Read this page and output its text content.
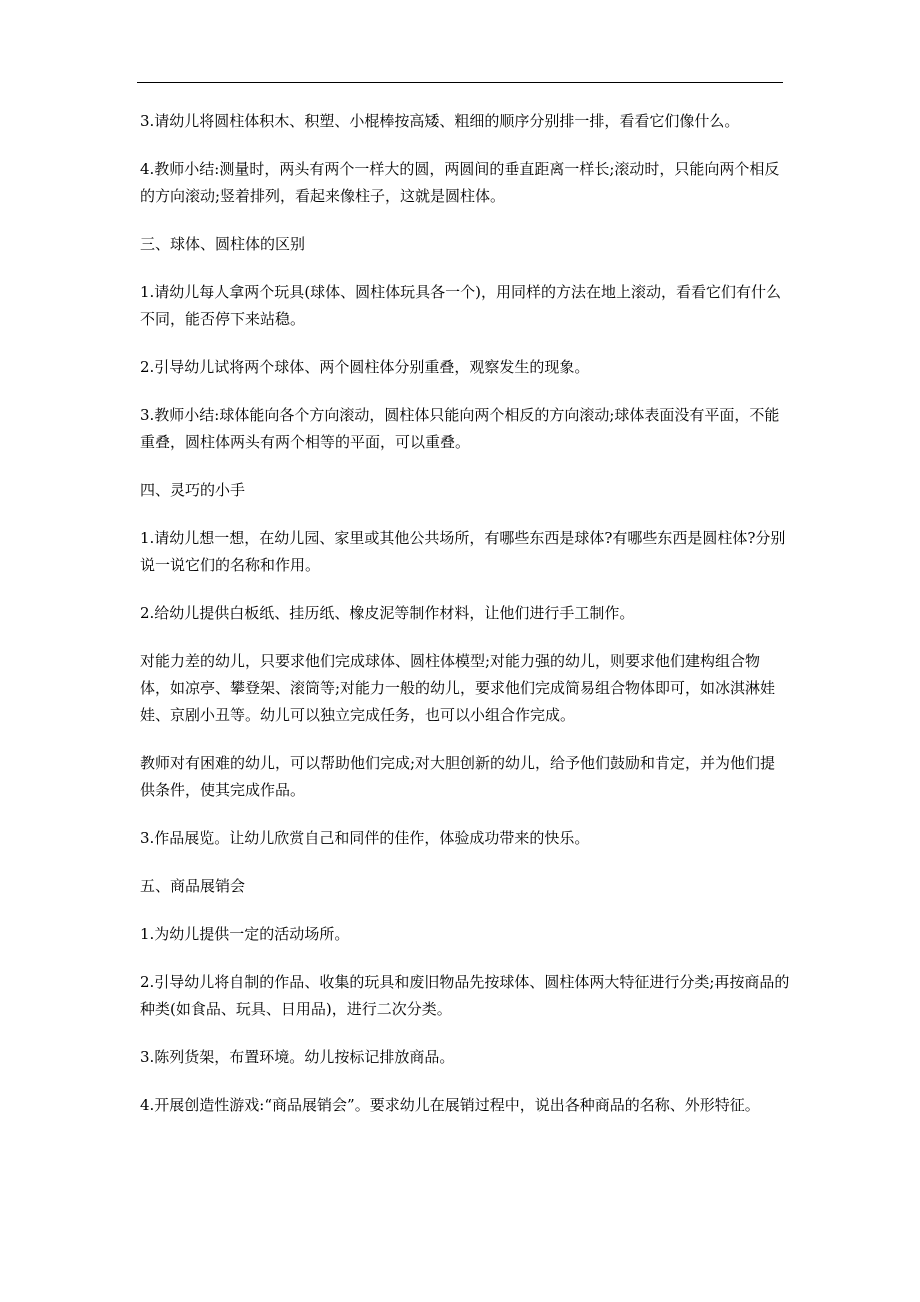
3.请幼儿将圆柱体积木、积塑、小棍棒按高矮、粗细的顺序分别排一排，看看它们像什么。

4.教师小结:测量时，两头有两个一样大的圆，两圆间的垂直距离一样长;滚动时，只能向两个相反的方向滚动;竖着排列，看起来像柱子，这就是圆柱体。

三、球体、圆柱体的区别

1.请幼儿每人拿两个玩具(球体、圆柱体玩具各一个)，用同样的方法在地上滚动，看看它们有什么不同，能否停下来站稳。

2.引导幼儿试将两个球体、两个圆柱体分别重叠，观察发生的现象。

3.教师小结:球体能向各个方向滚动，圆柱体只能向两个相反的方向滚动;球体表面没有平面，不能重叠，圆柱体两头有两个相等的平面，可以重叠。

四、灵巧的小手

1.请幼儿想一想，在幼儿园、家里或其他公共场所，有哪些东西是球体?有哪些东西是圆柱体?分别说一说它们的名称和作用。

2.给幼儿提供白板纸、挂历纸、橡皮泥等制作材料，让他们进行手工制作。

对能力差的幼儿，只要求他们完成球体、圆柱体模型;对能力强的幼儿，则要求他们建构组合物体，如凉亭、攀登架、滚筒等;对能力一般的幼儿，要求他们完成简易组合物体即可，如冰淇淋娃娃、京剧小丑等。幼儿可以独立完成任务，也可以小组合作完成。

教师对有困难的幼儿，可以帮助他们完成;对大胆创新的幼儿，给予他们鼓励和肯定，并为他们提供条件，使其完成作品。

3.作品展览。让幼儿欣赏自己和同伴的佳作，体验成功带来的快乐。

五、商品展销会

1.为幼儿提供一定的活动场所。

2.引导幼儿将自制的作品、收集的玩具和废旧物品先按球体、圆柱体两大特征进行分类;再按商品的种类(如食品、玩具、日用品)，进行二次分类。

3.陈列货架，布置环境。幼儿按标记排放商品。

4.开展创造性游戏:“商品展销会”。要求幼儿在展销过程中，说出各种商品的名称、外形特征。
